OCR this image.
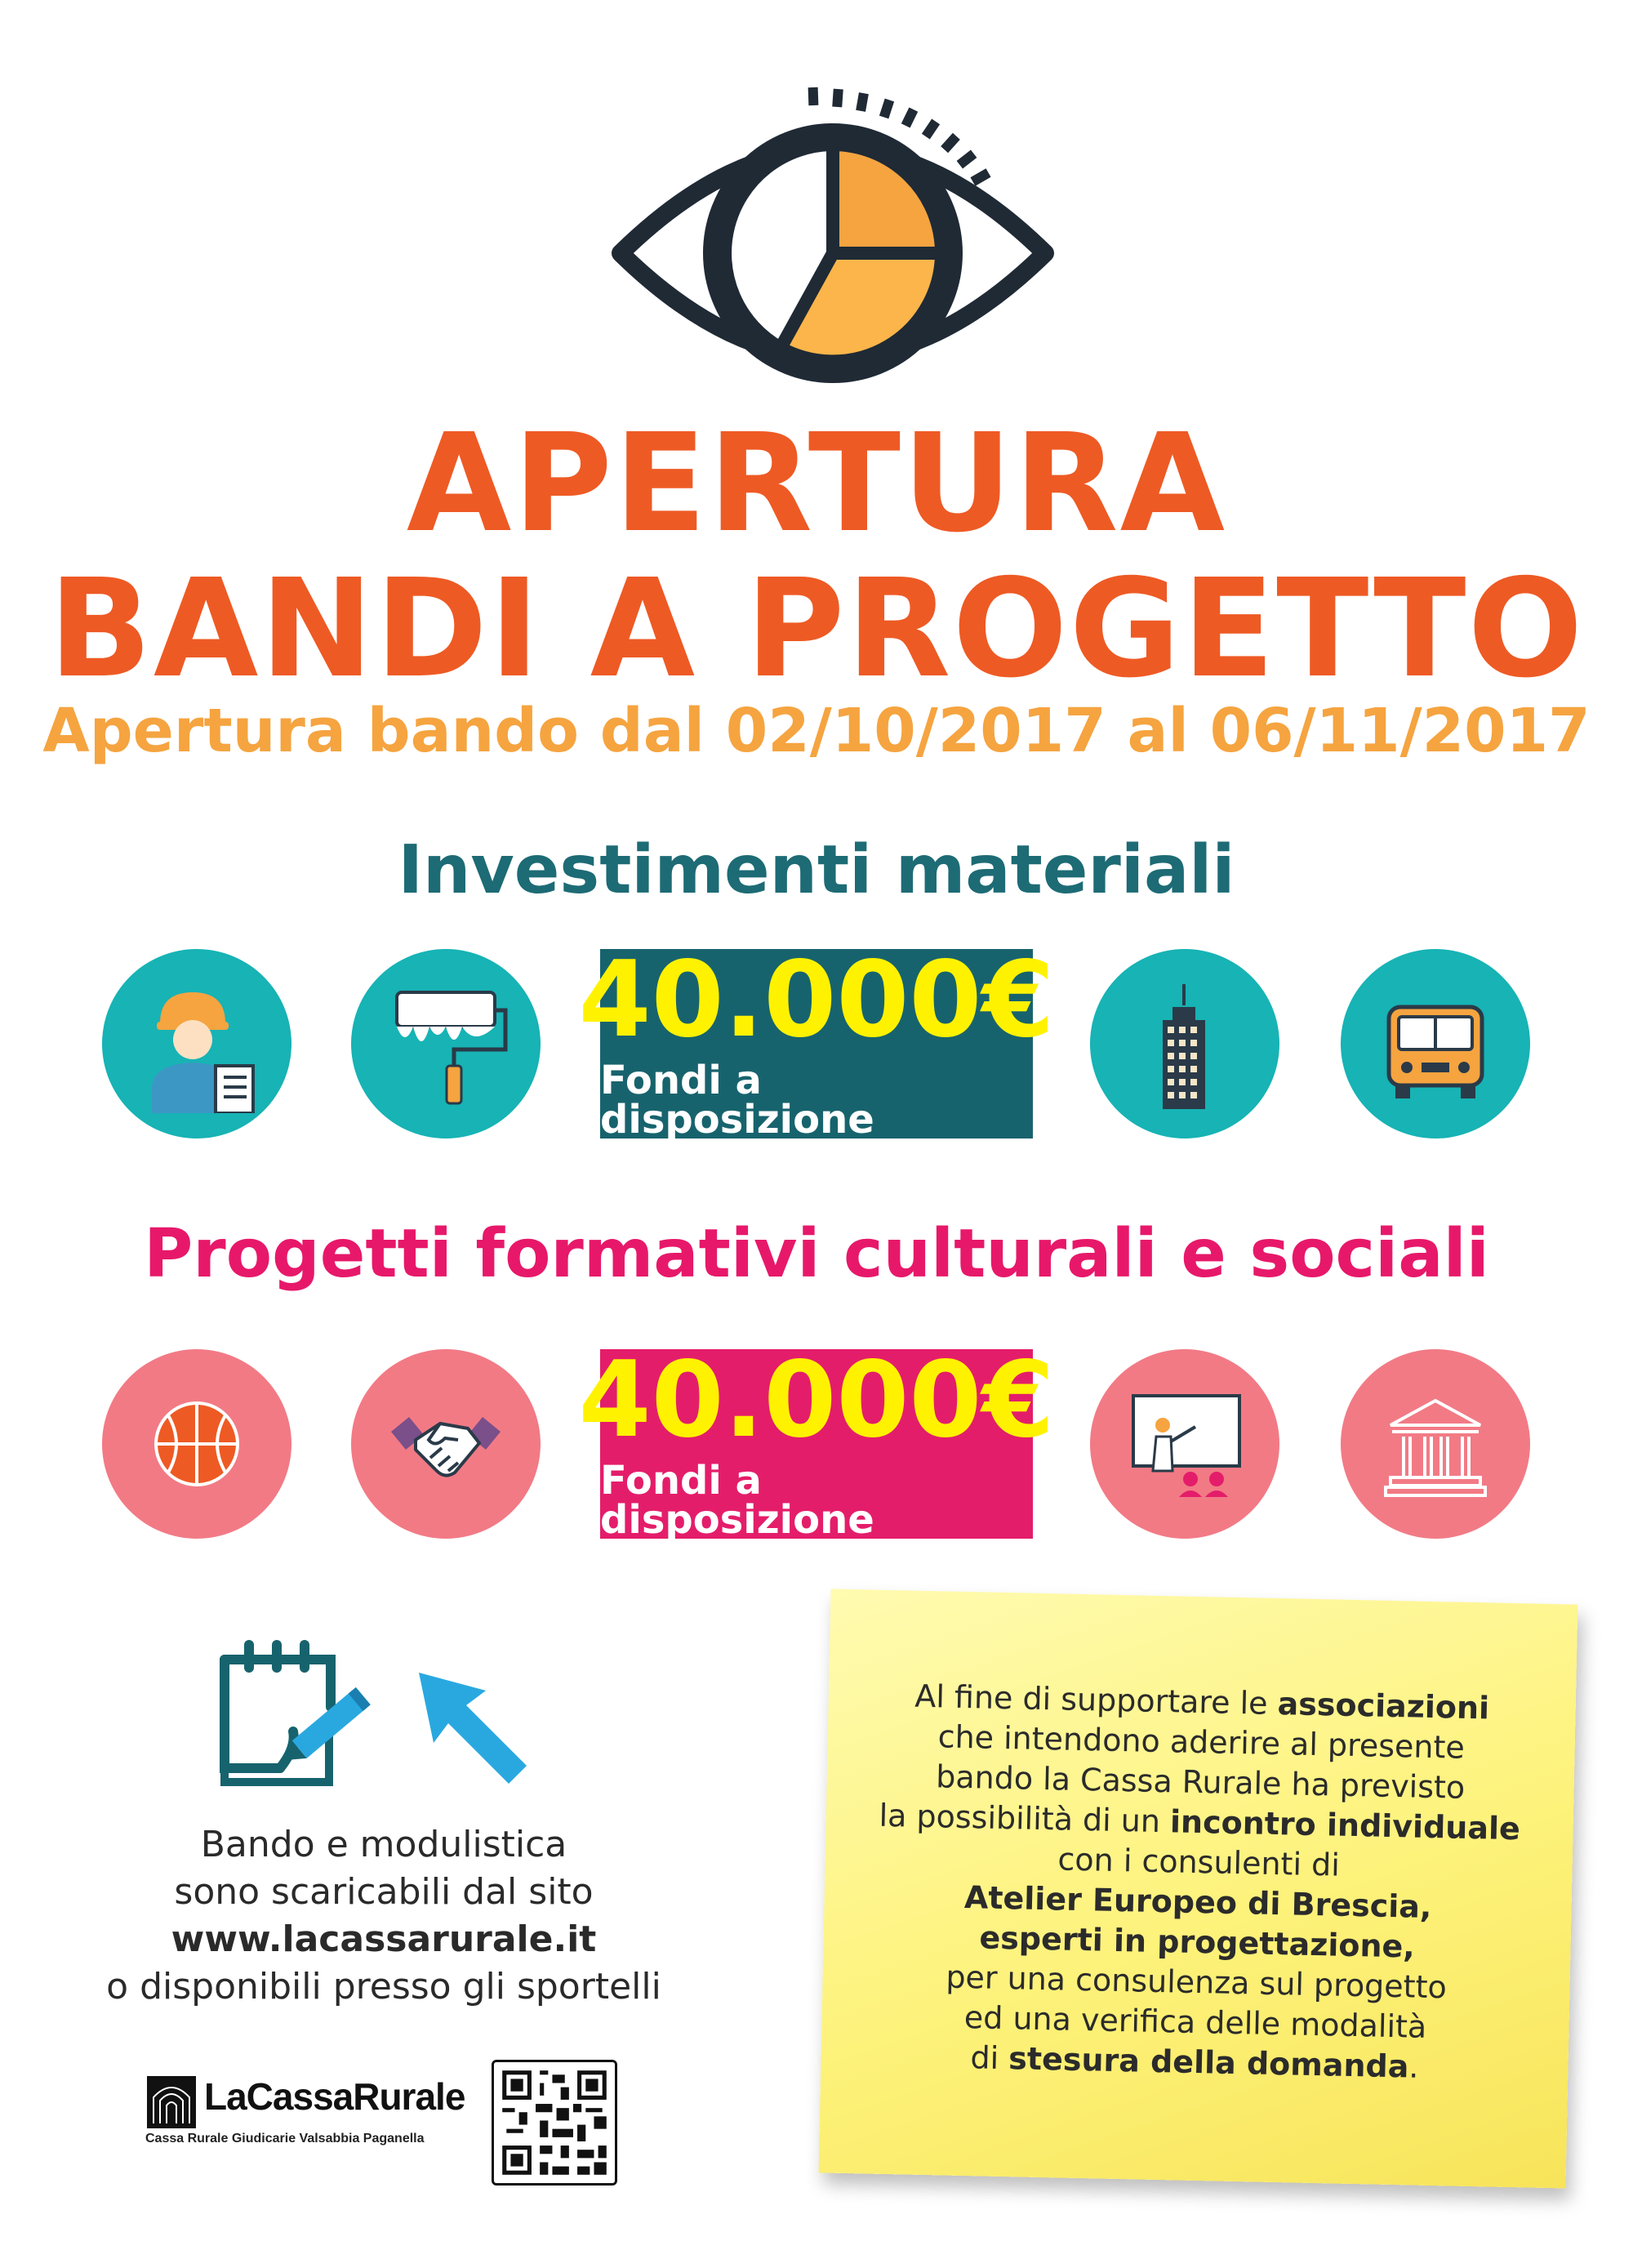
APERTURA
BANDI A PROGETTO
Apertura bando dal 02/10/2017 al 06/11/2017
Investimenti materiali
40.000€
Fondi a disposizione
Progetti formativi culturali e sociali
40.000€
Fondi a disposizione
Bando e modulistica
sono scaricabili dal sito
www.lacassarurale.it
o disponibili presso gli sportelli
LaCassaRurale
Cassa Rurale Giudicarie Valsabbia Paganella
Al fine di supportare le associazioni
che intendono aderire al presente
bando la Cassa Rurale ha previsto
la possibilità di un incontro individuale
con i consulenti di
Atelier Europeo di Brescia,
esperti in progettazione,
per una consulenza sul progetto
ed una verifica delle modalità
di stesura della domanda.
